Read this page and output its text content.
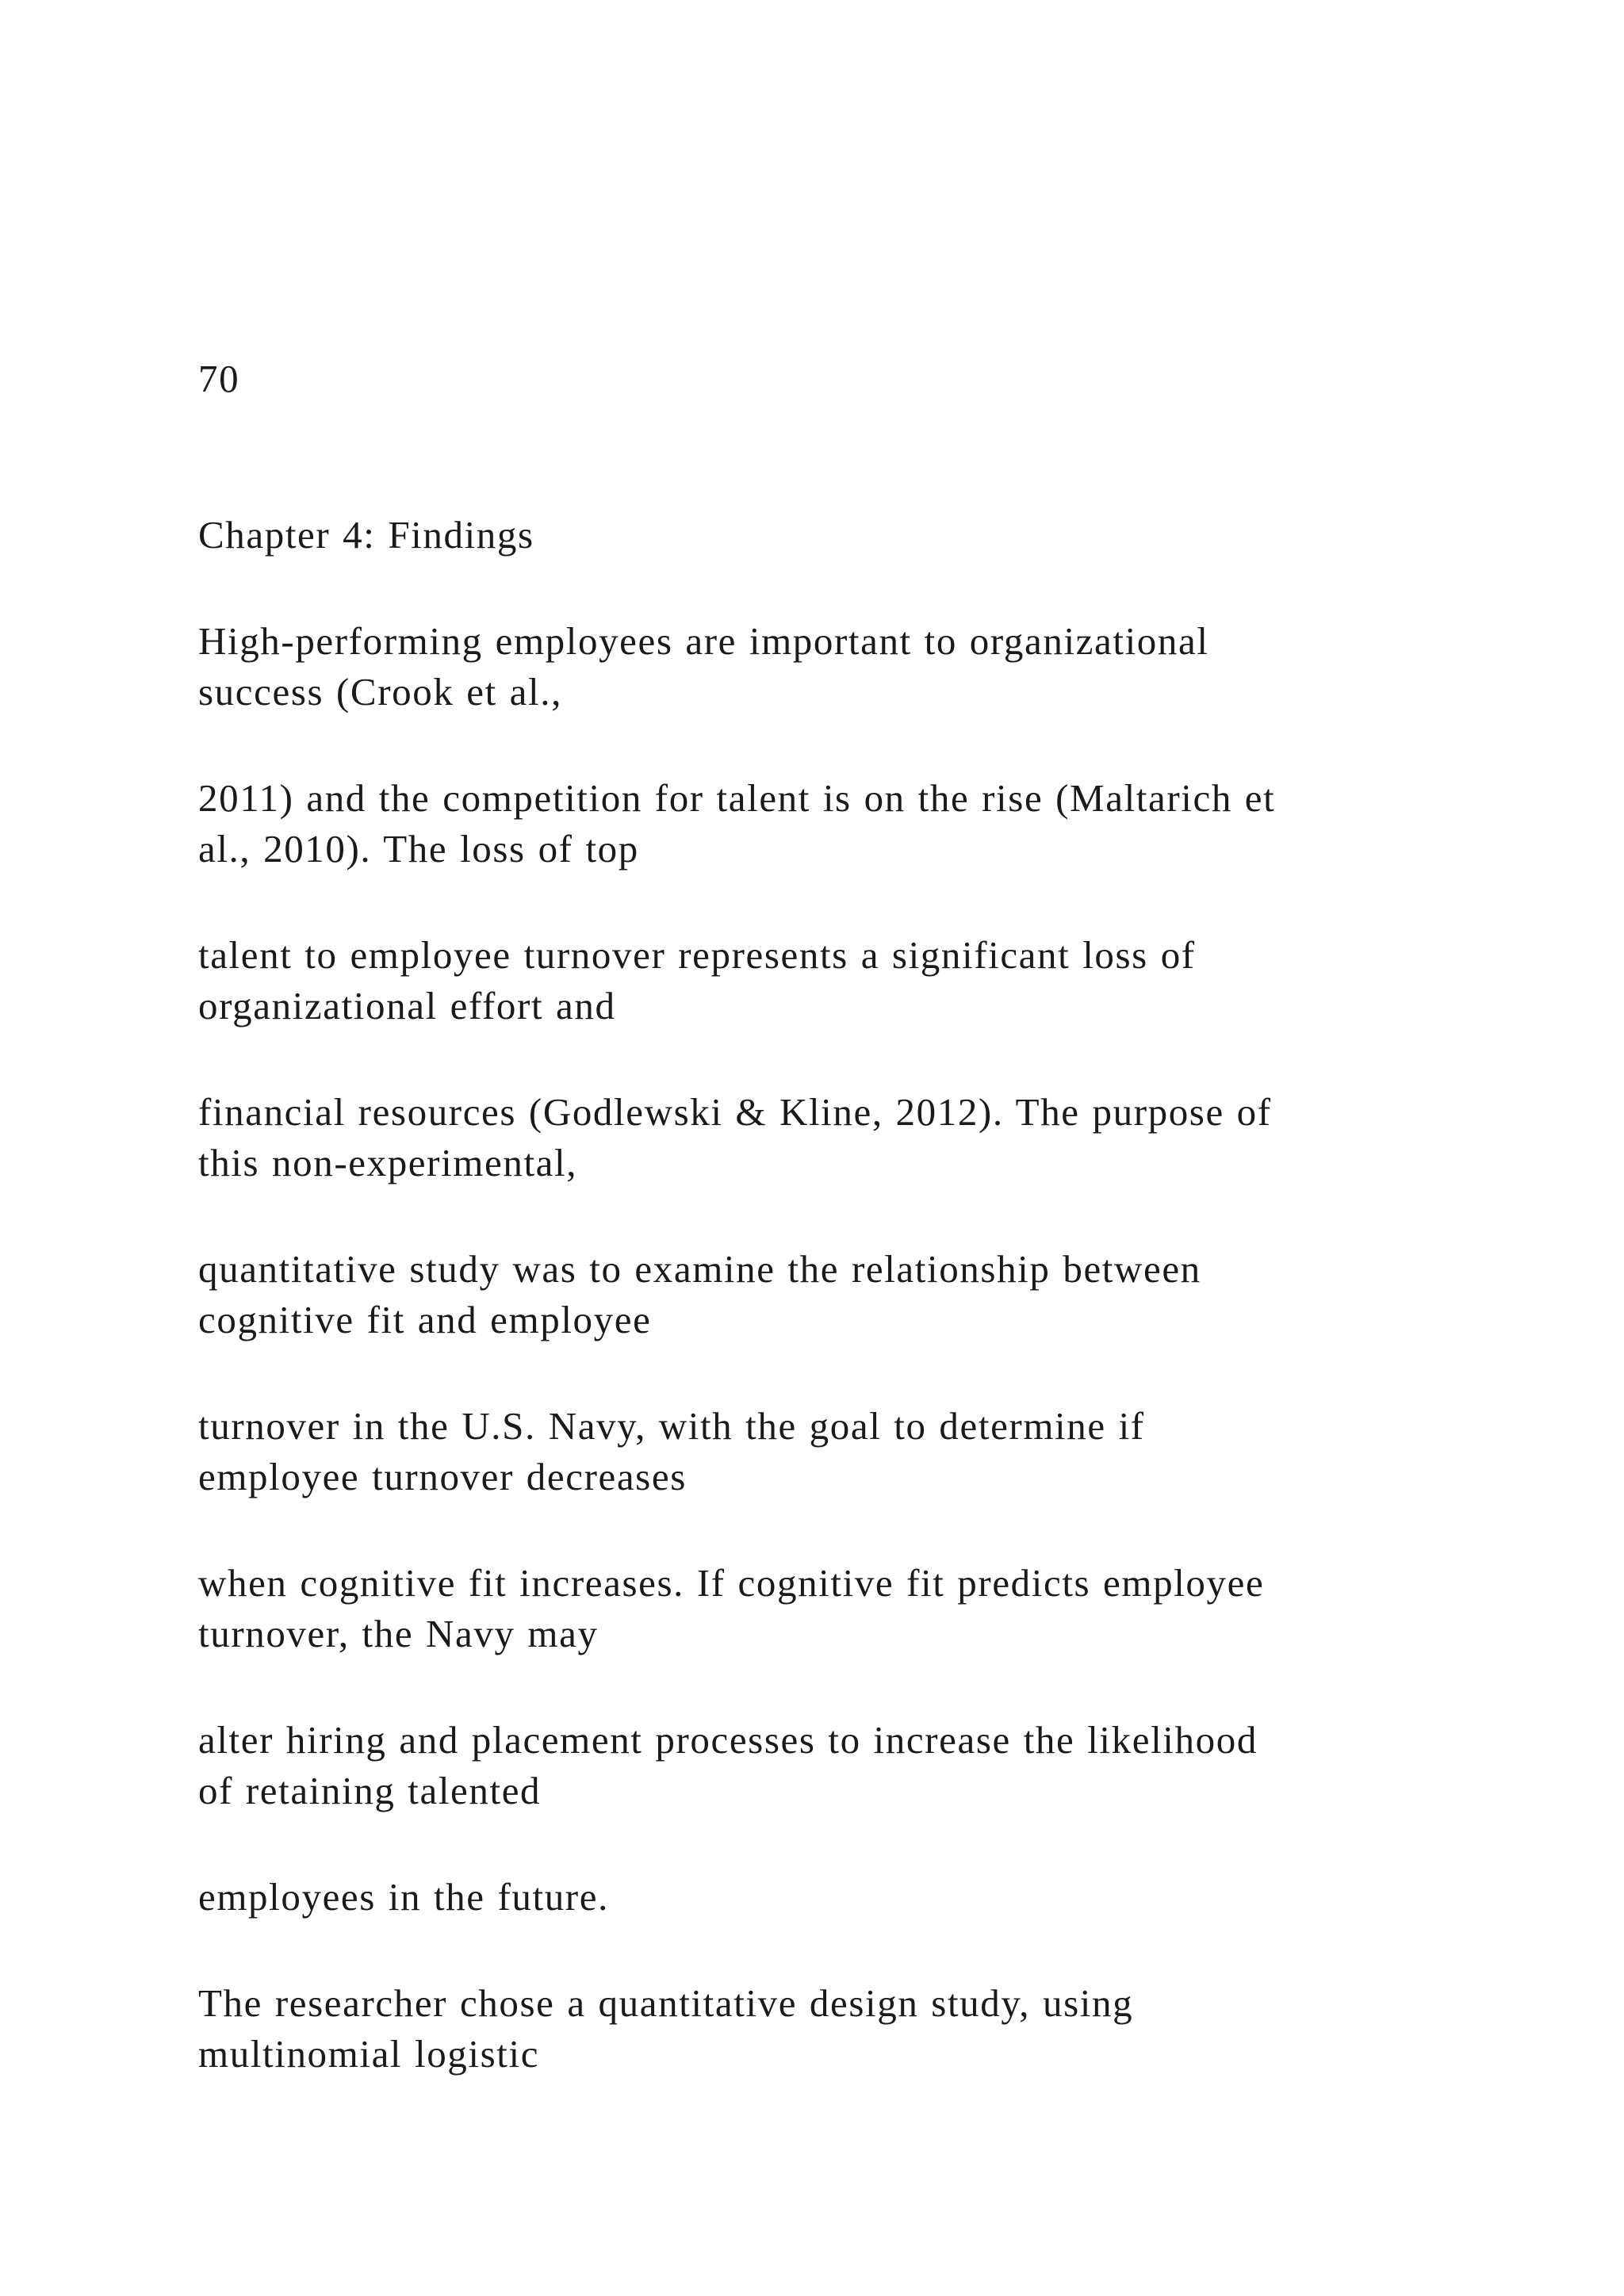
70

Chapter 4: Findings

High-performing employees are important to organizational

success (Crook et al.,

2011) and the competition for talent is on the rise (Maltarich et

al., 2010). The loss of top

talent to employee turnover represents a significant loss of

organizational effort and

financial resources (Godlewski & Kline, 2012). The purpose of

this non-experimental,

quantitative study was to examine the relationship between

cognitive fit and employee

turnover in the U.S. Navy, with the goal to determine if

employee turnover decreases

when cognitive fit increases. If cognitive fit predicts employee

turnover, the Navy may

alter hiring and placement processes to increase the likelihood

of retaining talented

employees in the future.

The researcher chose a quantitative design study, using

multinomial logistic
